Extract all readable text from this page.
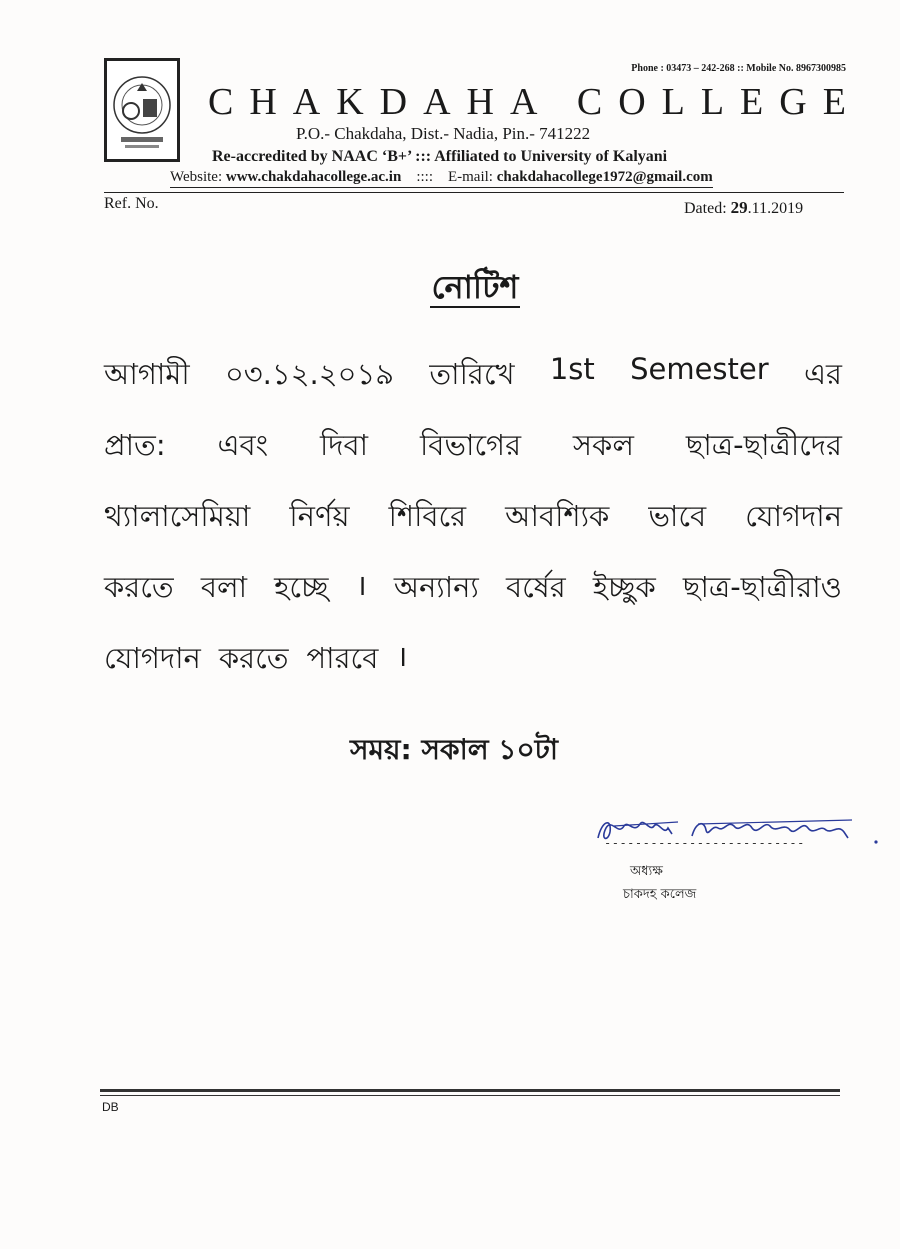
Phone : 03473 – 242-268 :: Mobile No. 8967300985
CHAKDAHA COLLEGE
P.O.- Chakdaha, Dist.- Nadia, Pin.- 741222
Re-accredited by NAAC ‘B+’ ::: Affiliated to University of Kalyani
Website: www.chakdahacollege.ac.in    ::::    E-mail: chakdahacollege1972@gmail.com
Ref. No.	Dated: 29.11.2019
নোটিশ
আগামী ০৩.১২.২০১৯ তারিখে 1st Semester এর
প্রাত: এবং দিবা বিভাগের সকল ছাত্র-ছাত্রীদের
থ্যালাসেমিয়া নির্ণয় শিবিরে আবশ্যিক ভাবে যোগদান
করতে বলা হচ্ছে । অন্যান্য বর্ষের ইচ্ছুক ছাত্র-ছাত্রীরাও
যোগদান করতে পারবে ।
সময়: সকাল ১০টা
--------------------------
অধ্যক্ষ
চাকদহ কলেজ
DB
